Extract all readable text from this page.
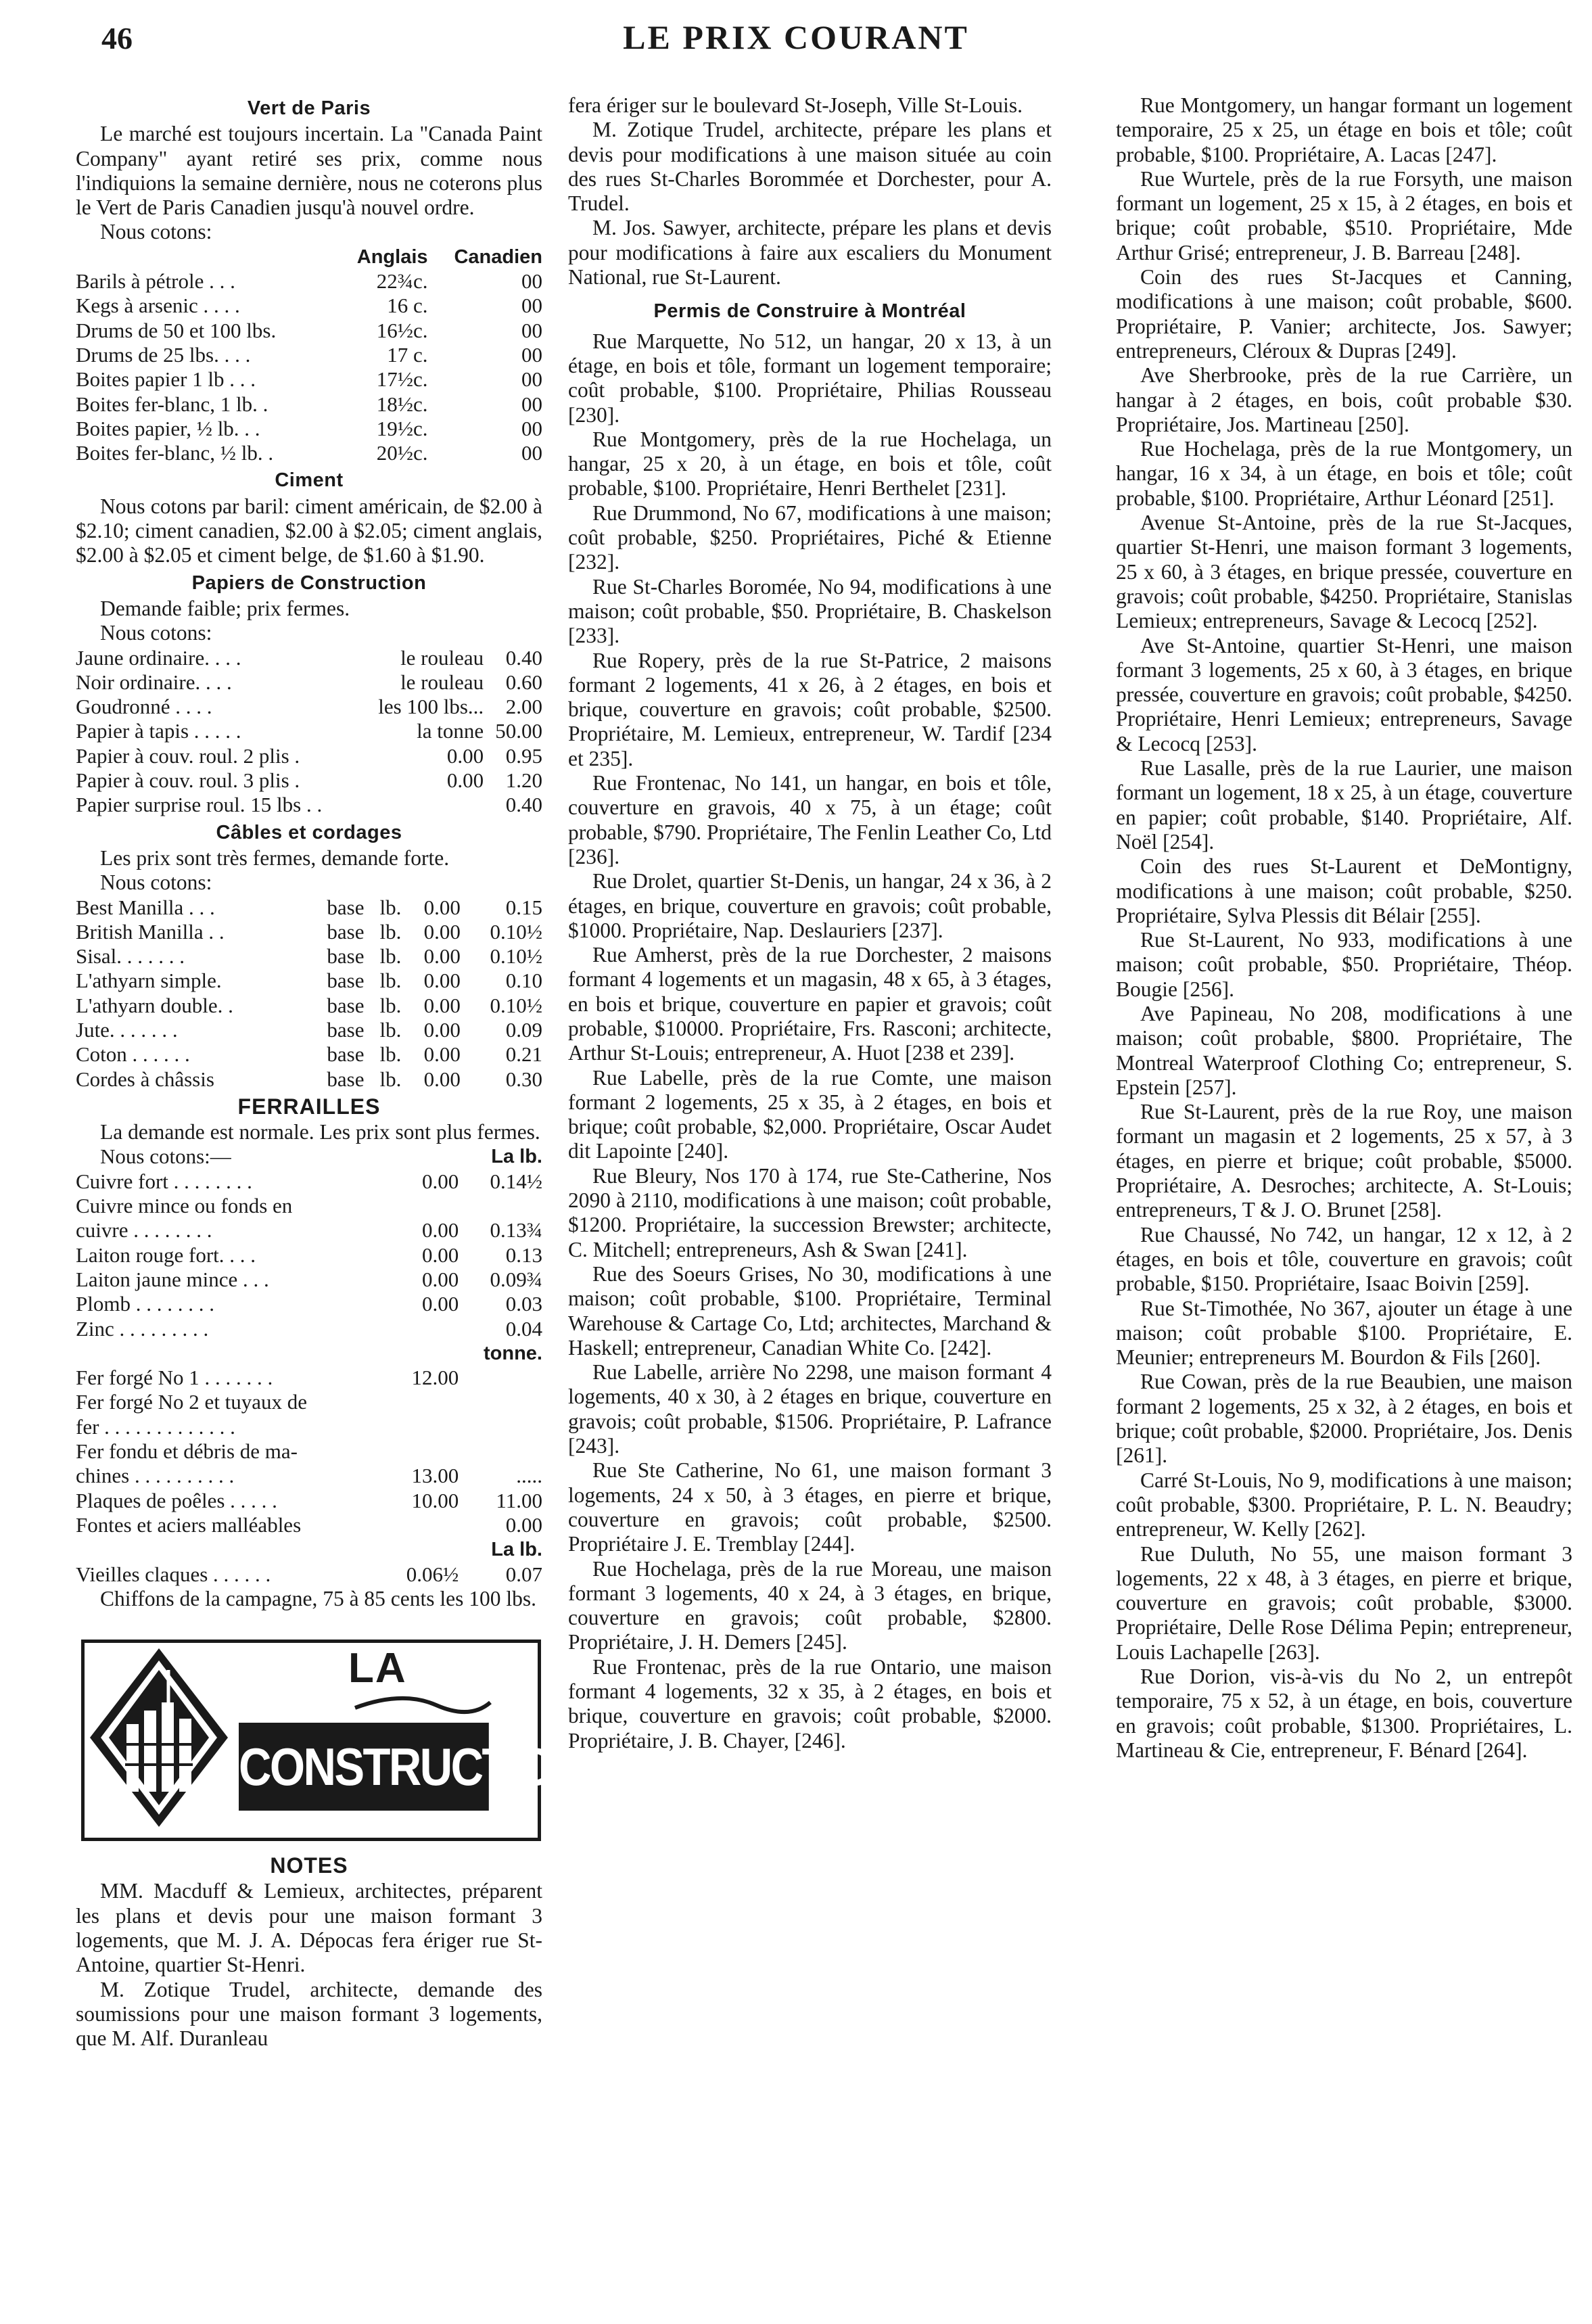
46	LE PRIX COURANT
Vert de Paris

Le marché est toujours incertain. La "Canada Paint Company" ayant retiré ses prix, comme nous l'indiquions la semaine dernière, nous ne coterons plus le Vert de Paris Canadien jusqu'à nouvel ordre.

Nous cotons:

	Anglais	Canadien
Barils à pétrole . . .	22¾c.	00
Kegs à arsenic . . . .	16 c.	00
Drums de 50 et 100 lbs.	16½c.	00
Drums de 25 lbs. . . .	17 c.	00
Boites papier 1 lb . . .	17½c.	00
Boites fer-blanc, 1 lb. .	18½c.	00
Boites papier, ½ lb. . .	19½c.	00
Boites fer-blanc, ½ lb. .	20½c.	00
Ciment

Nous cotons par baril: ciment américain, de $2.00 à $2.10; ciment canadien, $2.00 à $2.05; ciment anglais, $2.00 à $2.05 et ciment belge, de $1.60 à $1.90.

Papiers de Construction

Demande faible; prix fermes.

Nous cotons:

Jaune ordinaire. . . .	le rouleau	0.40
Noir ordinaire. . . .	le rouleau	0.60
Goudronné . . . .	les 100 lbs...	2.00
Papier à tapis . . . . .	la tonne	50.00
Papier à couv. roul. 2 plis .	0.00	0.95
Papier à couv. roul. 3 plis .	0.00	1.20
Papier surprise roul. 15 lbs . .		0.40
Câbles et cordages

Les prix sont très fermes, demande forte.

Nous cotons:

Best Manilla . . .	base	lb.	0.00	0.15
British Manilla . .	base	lb.	0.00	0.10½
Sisal. . . . . . .	base	lb.	0.00	0.10½
L'athyarn simple.	base	lb.	0.00	0.10
L'athyarn double. .	base	lb.	0.00	0.10½
Jute. . . . . . .	base	lb.	0.00	0.09
Coton . . . . . .	base	lb.	0.00	0.21
Cordes à châssis	base	lb.	0.00	0.30
FERRAILLES

La demande est normale. Les prix sont plus fermes.

Nous cotons:—		La lb.
Cuivre fort . . . . . . . .	0.00	0.14½
Cuivre mince ou fonds en		
cuivre . . . . . . . .	0.00	0.13¾
Laiton rouge fort. . . .	0.00	0.13
Laiton jaune mince . . .	0.00	0.09¾
Plomb . . . . . . . .	0.00	0.03
Zinc . . . . . . . . .		0.04
		tonne.
Fer forgé No 1 . . . . . . .	12.00	
Fer forgé No 2 et tuyaux de		
fer . . . . . . . . . . . . .		
Fer fondu et débris de ma-		
chines . . . . . . . . . .	13.00	.....
Plaques de poêles . . . . .	10.00	11.00
Fontes et aciers malléables		0.00
		La lb.
Vieilles claques . . . . . .	0.06½	0.07

Chiffons de la campagne, 75 à 85 cents les 100 lbs.

LA
CONSTRUCTION
NOTES

MM. Macduff & Lemieux, architectes, préparent les plans et devis pour une maison formant 3 logements, que M. J. A. Dépocas fera ériger rue St-Antoine, quartier St-Henri.

M. Zotique Trudel, architecte, demande des soumissions pour une maison formant 3 logements, que M. Alf. Duranleau

fera ériger sur le boulevard St-Joseph, Ville St-Louis.

M. Zotique Trudel, architecte, prépare les plans et devis pour modifications à une maison située au coin des rues St-Charles Borommée et Dorchester, pour A. Trudel.

M. Jos. Sawyer, architecte, prépare les plans et devis pour modifications à faire aux escaliers du Monument National, rue St-Laurent.

Permis de Construire à Montréal

Rue Marquette, No 512, un hangar, 20 x 13, à un étage, en bois et tôle, formant un logement temporaire; coût probable, $100. Propriétaire, Philias Rousseau [230].

Rue Montgomery, près de la rue Hochelaga, un hangar, 25 x 20, à un étage, en bois et tôle, coût probable, $100. Propriétaire, Henri Berthelet [231].

Rue Drummond, No 67, modifications à une maison; coût probable, $250. Propriétaires, Piché & Etienne [232].

Rue St-Charles Boromée, No 94, modifications à une maison; coût probable, $50. Propriétaire, B. Chaskelson [233].

Rue Ropery, près de la rue St-Patrice, 2 maisons formant 2 logements, 41 x 26, à 2 étages, en bois et brique, couverture en gravois; coût probable, $2500. Propriétaire, M. Lemieux, entrepreneur, W. Tardif [234 et 235].

Rue Frontenac, No 141, un hangar, en bois et tôle, couverture en gravois, 40 x 75, à un étage; coût probable, $790. Propriétaire, The Fenlin Leather Co, Ltd [236].

Rue Drolet, quartier St-Denis, un hangar, 24 x 36, à 2 étages, en brique, couverture en gravois; coût probable, $1000. Propriétaire, Nap. Deslauriers [237].

Rue Amherst, près de la rue Dorchester, 2 maisons formant 4 logements et un magasin, 48 x 65, à 3 étages, en bois et brique, couverture en papier et gravois; coût probable, $10000. Propriétaire, Frs. Rasconi; architecte, Arthur St-Louis; entrepreneur, A. Huot [238 et 239].

Rue Labelle, près de la rue Comte, une maison formant 2 logements, 25 x 35, à 2 étages, en bois et brique; coût probable, $2,000. Propriétaire, Oscar Audet dit Lapointe [240].

Rue Bleury, Nos 170 à 174, rue Ste-Catherine, Nos 2090 à 2110, modifications à une maison; coût probable, $1200. Propriétaire, la succession Brewster; architecte, C. Mitchell; entrepreneurs, Ash & Swan [241].

Rue des Soeurs Grises, No 30, modifications à une maison; coût probable, $100. Propriétaire, Terminal Warehouse & Cartage Co, Ltd; architectes, Marchand & Haskell; entrepreneur, Canadian White Co. [242].

Rue Labelle, arrière No 2298, une maison formant 4 logements, 40 x 30, à 2 étages en brique, couverture en gravois; coût probable, $1506. Propriétaire, P. Lafrance [243].

Rue Ste Catherine, No 61, une maison formant 3 logements, 24 x 50, à 3 étages, en pierre et brique, couverture en gravois; coût probable, $2500. Propriétaire J. E. Tremblay [244].

Rue Hochelaga, près de la rue Moreau, une maison formant 3 logements, 40 x 24, à 3 étages, en brique, couverture en gravois; coût probable, $2800. Propriétaire, J. H. Demers [245].

Rue Frontenac, près de la rue Ontario, une maison formant 4 logements, 32 x 35, à 2 étages, en bois et brique, couverture en gravois; coût probable, $2000. Propriétaire, J. B. Chayer, [246].

Rue Montgomery, un hangar formant un logement temporaire, 25 x 25, un étage en bois et tôle; coût probable, $100. Propriétaire, A. Lacas [247].

Rue Wurtele, près de la rue Forsyth, une maison formant un logement, 25 x 15, à 2 étages, en bois et brique; coût probable, $510. Propriétaire, Mde Arthur Grisé; entrepreneur, J. B. Barreau [248].

Coin des rues St-Jacques et Canning, modifications à une maison; coût probable, $600. Propriétaire, P. Vanier; architecte, Jos. Sawyer; entrepreneurs, Cléroux & Dupras [249].

Ave Sherbrooke, près de la rue Carrière, un hangar à 2 étages, en bois, coût probable $30. Propriétaire, Jos. Martineau [250].

Rue Hochelaga, près de la rue Montgomery, un hangar, 16 x 34, à un étage, en bois et tôle; coût probable, $100. Propriétaire, Arthur Léonard [251].

Avenue St-Antoine, près de la rue St-Jacques, quartier St-Henri, une maison formant 3 logements, 25 x 60, à 3 étages, en brique pressée, couverture en gravois; coût probable, $4250. Propriétaire, Stanislas Lemieux; entrepreneurs, Savage & Lecocq [252].

Ave St-Antoine, quartier St-Henri, une maison formant 3 logements, 25 x 60, à 3 étages, en brique pressée, couverture en gravois; coût probable, $4250. Propriétaire, Henri Lemieux; entrepreneurs, Savage & Lecocq [253].

Rue Lasalle, près de la rue Laurier, une maison formant un logement, 18 x 25, à un étage, couverture en papier; coût probable, $140. Propriétaire, Alf. Noël [254].

Coin des rues St-Laurent et DeMontigny, modifications à une maison; coût probable, $250. Propriétaire, Sylva Plessis dit Bélair [255].

Rue St-Laurent, No 933, modifications à une maison; coût probable, $50. Propriétaire, Théop. Bougie [256].

Ave Papineau, No 208, modifications à une maison; coût probable, $800. Propriétaire, The Montreal Waterproof Clothing Co; entrepreneur, S. Epstein [257].

Rue St-Laurent, près de la rue Roy, une maison formant un magasin et 2 logements, 25 x 57, à 3 étages, en pierre et brique; coût probable, $5000. Propriétaire, A. Desroches; architecte, A. St-Louis; entrepreneurs, T & J. O. Brunet [258].

Rue Chaussé, No 742, un hangar, 12 x 12, à 2 étages, en bois et tôle, couverture en gravois; coût probable, $150. Propriétaire, Isaac Boivin [259].

Rue St-Timothée, No 367, ajouter un étage à une maison; coût probable $100. Propriétaire, E. Meunier; entrepreneurs M. Bourdon & Fils [260].

Rue Cowan, près de la rue Beaubien, une maison formant 2 logements, 25 x 32, à 2 étages, en bois et brique; coût probable, $2000. Propriétaire, Jos. Denis [261].

Carré St-Louis, No 9, modifications à une maison; coût probable, $300. Propriétaire, P. L. N. Beaudry; entrepreneur, W. Kelly [262].

Rue Duluth, No 55, une maison formant 3 logements, 22 x 48, à 3 étages, en pierre et brique, couverture en gravois; coût probable, $3000. Propriétaire, Delle Rose Délima Pepin; entrepreneur, Louis Lachapelle [263].

Rue Dorion, vis-à-vis du No 2, un entrepôt temporaire, 75 x 52, à un étage, en bois, couverture en gravois; coût probable, $1300. Propriétaires, L. Martineau & Cie, entrepreneur, F. Bénard [264].
